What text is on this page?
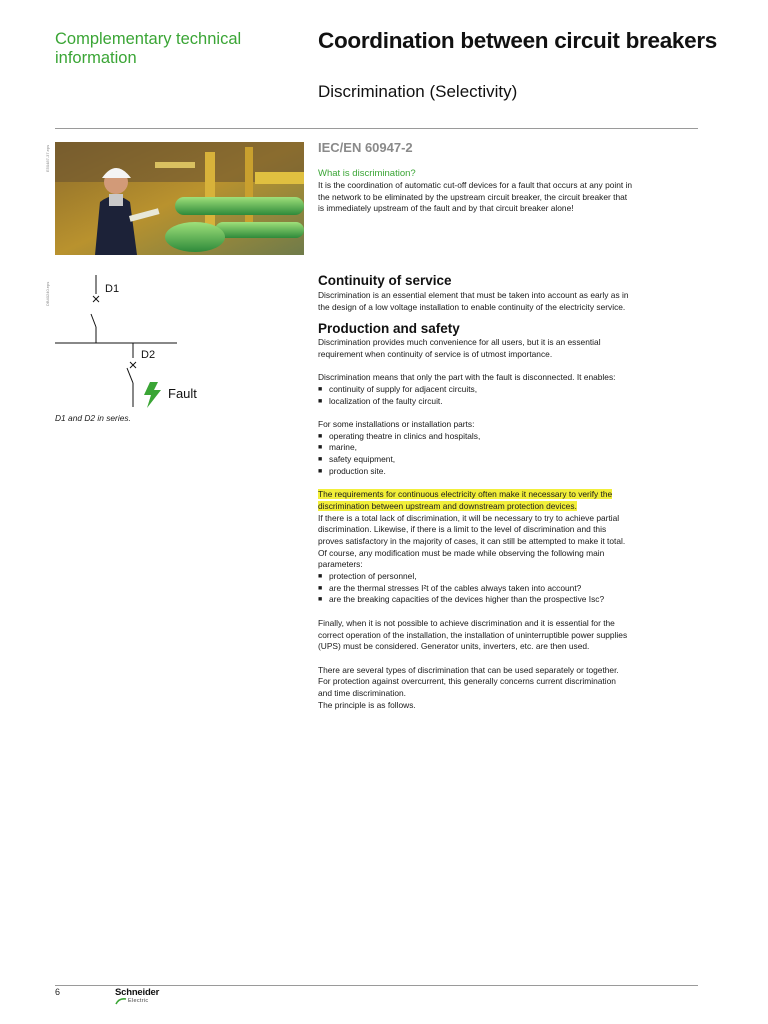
Complementary technical information
Coordination between circuit breakers
Discrimination (Selectivity)
E50487-37.eps	IEC/EN 60947-2
What is discrimination?

It is the coordination of automatic cut-off devices for a fault that occurs at any point in

the network to be eliminated by the upstream circuit breaker, the circuit breaker that

is immediately upstream of the fault and by that circuit breaker alone!

DB40240.eps	D1
D2
Fault
D1 and D2 in series.
Continuity of service

Discrimination is an essential element that must be taken into account as early as in

the design of a low voltage installation to enable continuity of the electricity service.

Production and safety

Discrimination provides much convenience for all users, but it is an essential

requirement when continuity of service is of utmost importance.

Discrimination means that only the part with the fault is disconnected. It enables:

■ continuity of supply for adjacent circuits,
■ localization of the faulty circuit.

For some installations or installation parts:

■ operating theatre in clinics and hospitals,
■ marine,
■ safety equipment,
■ production site.

The requirements for continuous electricity often make it necessary to verify the

discrimination between upstream and downstream protection devices.

If there is a total lack of discrimination, it will be necessary to try to achieve partial

discrimination. Likewise, if there is a limit to the level of discrimination and this

proves satisfactory in the majority of cases, it can still be attempted to make it total.

Of course, any modification must be made while observing the following main

parameters:

■ protection of personnel,
■ are the thermal stresses I²t of the cables always taken into account?
■ are the breaking capacities of the devices higher than the prospective Isc?

Finally, when it is not possible to achieve discrimination and it is essential for the

correct operation of the installation, the installation of uninterruptible power supplies

(UPS) must be considered. Generator units, inverters, etc. are then used.

There are several types of discrimination that can be used separately or together.

For protection against overcurrent, this generally concerns current discrimination

and time discrimination.

The principle is as follows.

6	Schneider
Electric
